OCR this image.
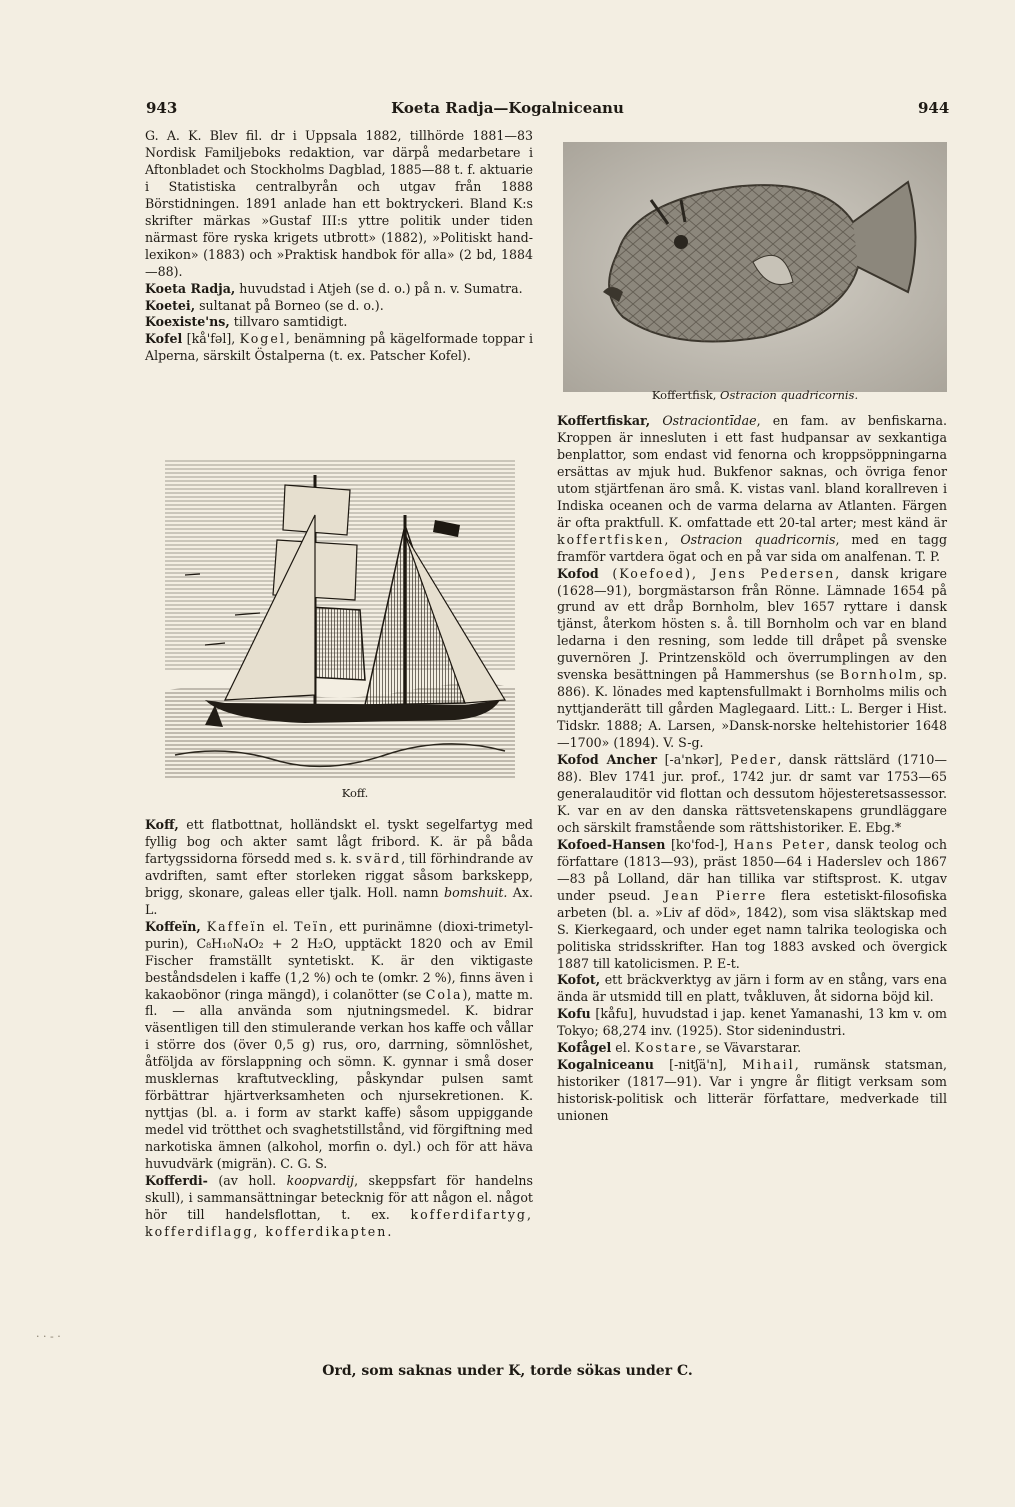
943	Koeta Radja—Kogalniceanu	944

G. A. K. Blev fil. dr i Uppsala 1882, tillhörde 1881—83 Nordisk Familjeboks redaktion, var därpå medarbetare i Aftonbladet och Stockholms Dagblad, 1885—88 t. f. aktuarie i Statistiska centralbyrån och utgav från 1888 Börstidningen. 1891 anlade han ett boktryckeri. Bland K:s skrifter märkas »Gustaf III:s yttre politik under tiden närmast före ryska krigets utbrott» (1882), »Politiskt hand-lexikon» (1883) och »Praktisk handbok för alla» (2 bd, 1884—88).

Koeta Radja, huvudstad i Atjeh (se d. o.) på n. v. Sumatra.

Koetei, sultanat på Borneo (se d. o.).

Koexiste'ns, tillvaro samtidigt.

Kofel [kå'fəl], Kogel, benämning på kägelformade toppar i Alperna, särskilt Östalperna (t. ex. Patscher Kofel).

Koff.

Koff, ett flatbottnat, holländskt el. tyskt segelfartyg med fyllig bog och akter samt lågt fribord. K. är på båda fartygssidorna försedd med s. k. svärd, till förhindrande av avdriften, samt efter storleken riggat såsom barkskepp, brigg, skonare, galeas eller tjalk. Holl. namn bomshuit. Ax. L.

Koffeïn, Kaffeïn el. Teïn, ett purinämne (dioxi-trimetyl-purin), C₈H₁₀N₄O₂ + 2 H₂O, upptäckt 1820 och av Emil Fischer framställt syntetiskt. K. är den viktigaste beståndsdelen i kaffe (1,2 %) och te (omkr. 2 %), finns även i kakaobönor (ringa mängd), i colanötter (se Cola), matte m. fl. — alla använda som njutningsmedel. K. bidrar väsentligen till den stimulerande verkan hos kaffe och vållar i större dos (över 0,5 g) rus, oro, darrning, sömnlöshet, åtföljda av förslappning och sömn. K. gynnar i små doser musklernas kraftutveckling, påskyndar pulsen samt förbättrar hjärtverksamheten och njursekretionen. K. nyttjas (bl. a. i form av starkt kaffe) såsom uppiggande medel vid trötthet och svaghetstillstånd, vid förgiftning med narkotiska ämnen (alkohol, morfin o. dyl.) och för att häva huvudvärk (migrän). C. G. S.

Kofferdi- (av holl. koopvardij, skeppsfart för handelns skull), i sammansättningar betecknig för att någon el. något hör till handelsflottan, t. ex. kofferdifartyg, kofferdiflagg, kofferdikapten.

Koffertfisk, Ostracion quadricornis.

Koffertfiskar, Ostraciontīdae, en fam. av benfiskarna. Kroppen är innesluten i ett fast hudpansar av sexkantiga benplattor, som endast vid fenorna och kroppsöppningarna ersättas av mjuk hud. Bukfenor saknas, och övriga fenor utom stjärtfenan äro små. K. vistas vanl. bland korallreven i Indiska oceanen och de varma delarna av Atlanten. Färgen är ofta praktfull. K. omfattade ett 20-tal arter; mest känd är koffertfisken, Ostracion quadricornis, med en tagg framför vartdera ögat och en på var sida om analfenan. T. P.

Kofod (Koefoed), Jens Pedersen, dansk krigare (1628—91), borgmästarson från Rönne. Lämnade 1654 på grund av ett dråp Bornholm, blev 1657 ryttare i dansk tjänst, återkom hösten s. å. till Bornholm och var en bland ledarna i den resning, som ledde till dråpet på svenske guvernören J. Printzensköld och överrumplingen av den svenska besättningen på Hammershus (se Bornholm, sp. 886). K. lönades med kaptensfullmakt i Bornholms milis och nyttjanderätt till gården Maglegaard. Litt.: L. Berger i Hist. Tidskr. 1888; A. Larsen, »Dansk-norske heltehistorier 1648—1700» (1894). V. S-g.

Kofod Ancher [-a'nkər], Peder, dansk rättslärd (1710—88). Blev 1741 jur. prof., 1742 jur. dr samt var 1753—65 generalauditör vid flottan och dessutom höjesteretsassessor. K. var en av den danska rättsvetenskapens grundläggare och särskilt framstående som rättshistoriker. E. Ebg.*

Kofoed-Hansen [ko'fod-], Hans Peter, dansk teolog och författare (1813—93), präst 1850—64 i Haderslev och 1867—83 på Lolland, där han tillika var stiftsprost. K. utgav under pseud. Jean Pierre flera estetiskt-filosofiska arbeten (bl. a. »Liv af död», 1842), som visa släktskap med S. Kierkegaard, och under eget namn talrika teologiska och politiska stridsskrifter. Han tog 1883 avsked och övergick 1887 till katolicismen. P. E-t.

Kofot, ett bräckverktyg av järn i form av en stång, vars ena ända är utsmidd till en platt, tvåkluven, åt sidorna böjd kil.

Kofu [kåfu], huvudstad i jap. kenet Yamanashi, 13 km v. om Tokyo; 68,274 inv. (1925). Stor sidenindustri.

Kofågel el. Kostare, se Vävarstarar.

Kogalniceanu [-nitʃä'n], Mihail, rumänsk statsman, historiker (1817—91). Var i yngre år flitigt verksam som historisk-politisk och litterär författare, medverkade till unionen

Ord, som saknas under K, torde sökas under C.
· · - ·
